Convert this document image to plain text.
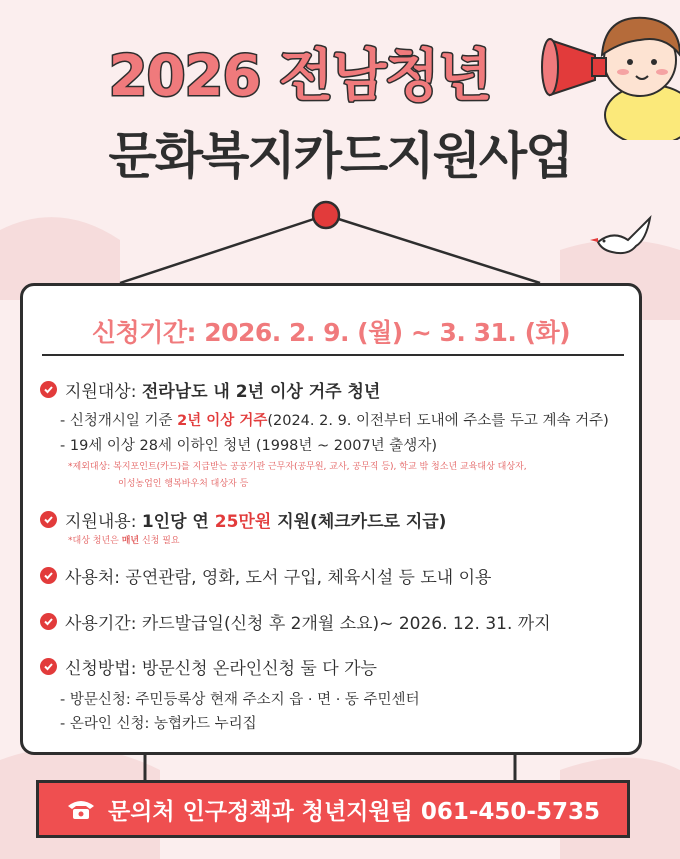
2026 전남청년
문화복지카드지원사업
신청기간: 2026. 2. 9. (월) ~ 3. 31. (화)
지원대상: 전라남도 내 2년 이상 거주 청년
- 신청개시일 기준 2년 이상 거주(2024. 2. 9. 이전부터 도내에 주소를 두고 계속 거주)
- 19세 이상 28세 이하인 청년 (1998년 ~ 2007년 출생자)
*제외대상: 복지포인트(카드)를 지급받는 공공기관 근무자(공무원, 교사, 공무직 등), 학교 밖 청소년 교육대상 대상자,
이성농업인 행복바우처 대상자 등
지원내용: 1인당 연 25만원 지원(체크카드로 지급)
*대상 청년은 매년 신청 필요
사용처: 공연관람, 영화, 도서 구입, 체육시설 등 도내 이용
사용기간: 카드발급일(신청 후 2개월 소요)~ 2026. 12. 31. 까지
신청방법: 방문신청 온라인신청 둘 다 가능
- 방문신청: 주민등록상 현재 주소지 읍 · 면 · 동 주민센터
- 온라인 신청: 농협카드 누리집
문의처 인구정책과 청년지원팀 061-450-5735
